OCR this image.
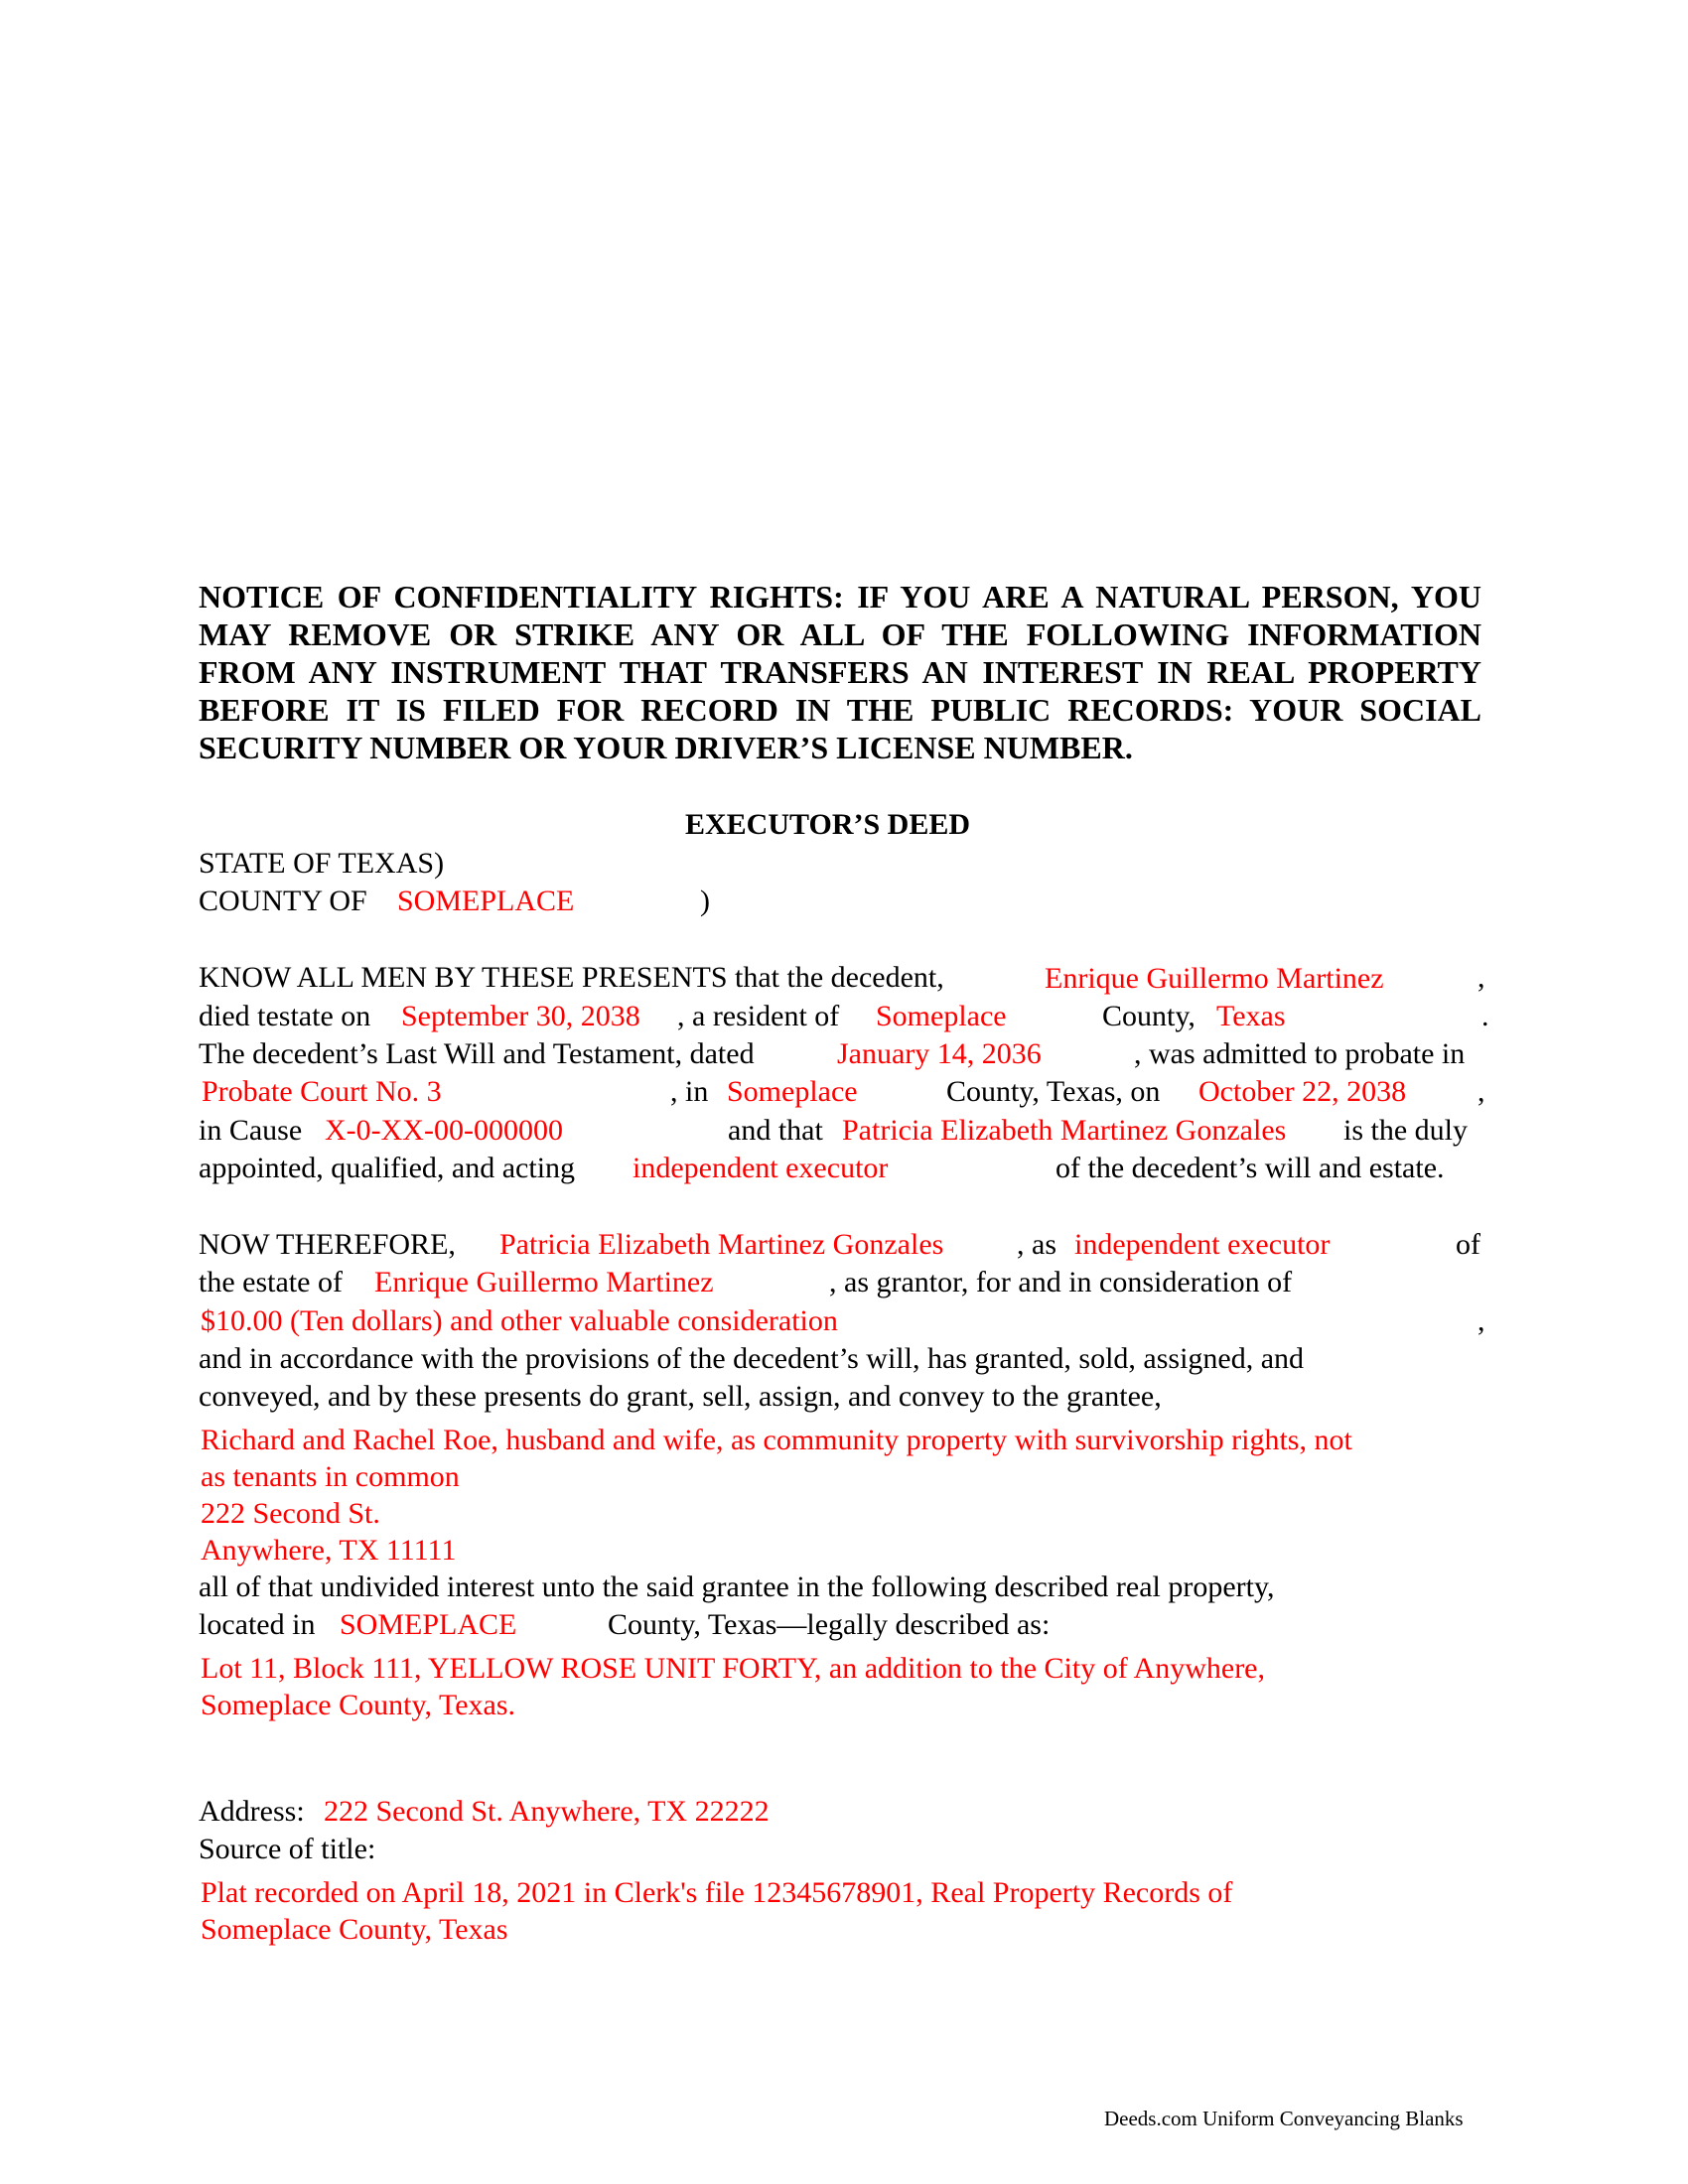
NOTICE OF CONFIDENTIALITY RIGHTS: IF YOU ARE A NATURAL PERSON, YOU
MAY REMOVE OR STRIKE ANY OR ALL OF THE FOLLOWING INFORMATION
FROM ANY INSTRUMENT THAT TRANSFERS AN INTEREST IN REAL PROPERTY
BEFORE IT IS FILED FOR RECORD IN THE PUBLIC RECORDS: YOUR SOCIAL
SECURITY NUMBER OR YOUR DRIVER’S LICENSE NUMBER.
EXECUTOR’S DEED
STATE OF TEXAS)
COUNTY OF SOMEPLACE	)
KNOW ALL MEN BY THESE PRESENTS that the decedent,	Enrique Guillermo Martinez	,
died testate on September 30, 2038 , a resident of Someplace	County, Texas	.
The decedent’s Last Will and Testament, dated	January 14, 2036	, was admitted to probate in
Probate Court No. 3	, in Someplace	County, Texas, on October 22, 2038 ,
in Cause X-0-XX-00-000000	and that Patricia Elizabeth Martinez Gonzales is the duly
appointed, qualified, and acting independent executor	of the decedent’s will and estate.
NOW THEREFORE, Patricia Elizabeth Martinez Gonzales , as independent executor	of
the estate of Enrique Guillermo Martinez	, as grantor, for and in consideration of
$10.00 (Ten dollars) and other valuable consideration	,
and in accordance with the provisions of the decedent’s will, has granted, sold, assigned, and
conveyed, and by these presents do grant, sell, assign, and convey to the grantee,
Richard and Rachel Roe, husband and wife, as community property with survivorship rights, not
as tenants in common
222 Second St.
Anywhere, TX 11111
all of that undivided interest unto the said grantee in the following described real property,
located in SOMEPLACE	County, Texas—legally described as:
Lot 11, Block 111, YELLOW ROSE UNIT FORTY, an addition to the City of Anywhere,
Someplace County, Texas.
Address: 222 Second St. Anywhere, TX 22222
Source of title:
Plat recorded on April 18, 2021 in Clerk's file 12345678901, Real Property Records of
Someplace County, Texas
Deeds.com Uniform Conveyancing Blanks
